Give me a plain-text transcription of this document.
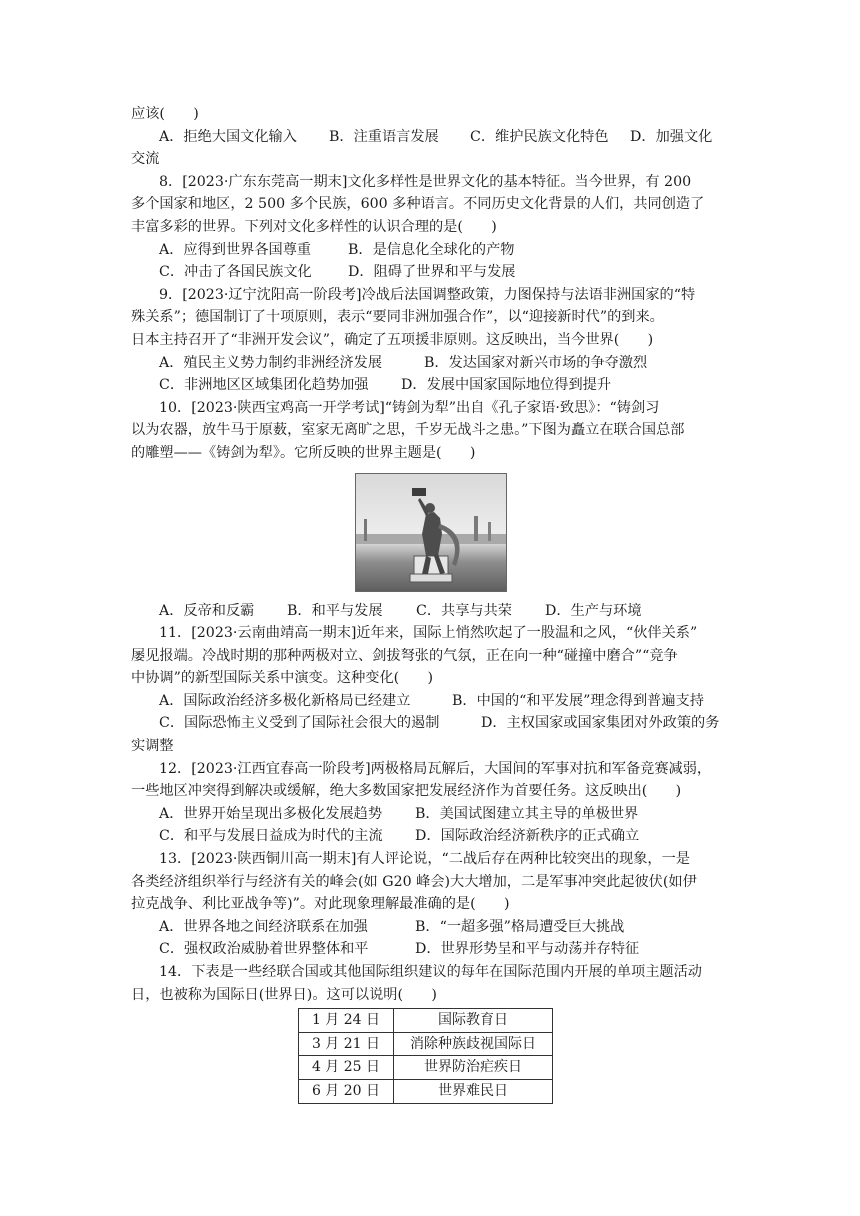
应该(　　)

A．拒绝大国文化输入 B．注重语言发展 C．维护民族文化特色 D．加强文化

交流

8．[2023·广东东莞高一期末]文化多样性是世界文化的基本特征。当今世界，有 200

多个国家和地区，2 500 多个民族，600 多种语言。不同历史文化背景的人们，共同创造了

丰富多彩的世界。下列对文化多样性的认识合理的是(　　)

A．应得到世界各国尊重	B．是信息化全球化的产物

C．冲击了各国民族文化	D．阻碍了世界和平与发展

9．[2023·辽宁沈阳高一阶段考]冷战后法国调整政策，力图保持与法语非洲国家的“特

殊关系”；德国制订了十项原则，表示“要同非洲加强合作”，以“迎接新时代”的到来。

日本主持召开了“非洲开发会议”，确定了五项援非原则。这反映出，当今世界(　　)

A．殖民主义势力制约非洲经济发展	B．发达国家对新兴市场的争夺激烈

C．非洲地区区域集团化趋势加强 D．发展中国家国际地位得到提升

10．[2023·陕西宝鸡高一开学考试]“铸剑为犁”出自《孔子家语·致思》：“铸剑习

以为农器，放牛马于原薮，室家无离旷之思，千岁无战斗之患。”下图为矗立在联合国总部

的雕塑——《铸剑为犁》。它所反映的世界主题是(　　)

A．反帝和反霸 B．和平与发展 C．共享与共荣 D．生产与环境

11．[2023·云南曲靖高一期末]近年来，国际上悄然吹起了一股温和之风，“伙伴关系”

屡见报端。冷战时期的那种两极对立、剑拔弩张的气氛，正在向一种“碰撞中磨合”“竞争

中协调”的新型国际关系中演变。这种变化(　　)

A．国际政治经济多极化新格局已经建立	B．中国的“和平发展”理念得到普遍支持

C．国际恐怖主义受到了国际社会很大的遏制	D．主权国家或国家集团对外政策的务

实调整

12．[2023·江西宜春高一阶段考]两极格局瓦解后，大国间的军事对抗和军备竞赛减弱，

一些地区冲突得到解决或缓解，绝大多数国家把发展经济作为首要任务。这反映出(　　)

A．世界开始呈现出多极化发展趋势 B．美国试图建立其主导的单极世界

C．和平与发展日益成为时代的主流 D．国际政治经济新秩序的正式确立

13．[2023·陕西铜川高一期末]有人评论说，“二战后存在两种比较突出的现象，一是

各类经济组织举行与经济有关的峰会(如 G20 峰会)大大增加，二是军事冲突此起彼伏(如伊

拉克战争、利比亚战争等)”。对此现象理解最准确的是(　　)

A．世界各地之间经济联系在加强	B．“一超多强”格局遭受巨大挑战

C．强权政治威胁着世界整体和平	D．世界形势呈和平与动荡并存特征

14．下表是一些经联合国或其他国际组织建议的每年在国际范围内开展的单项主题活动

日，也被称为国际日(世界日)。这可以说明(　　)

1 月 24 日	国际教育日
3 月 21 日	消除种族歧视国际日
4 月 25 日	世界防治疟疾日
6 月 20 日	世界难民日
